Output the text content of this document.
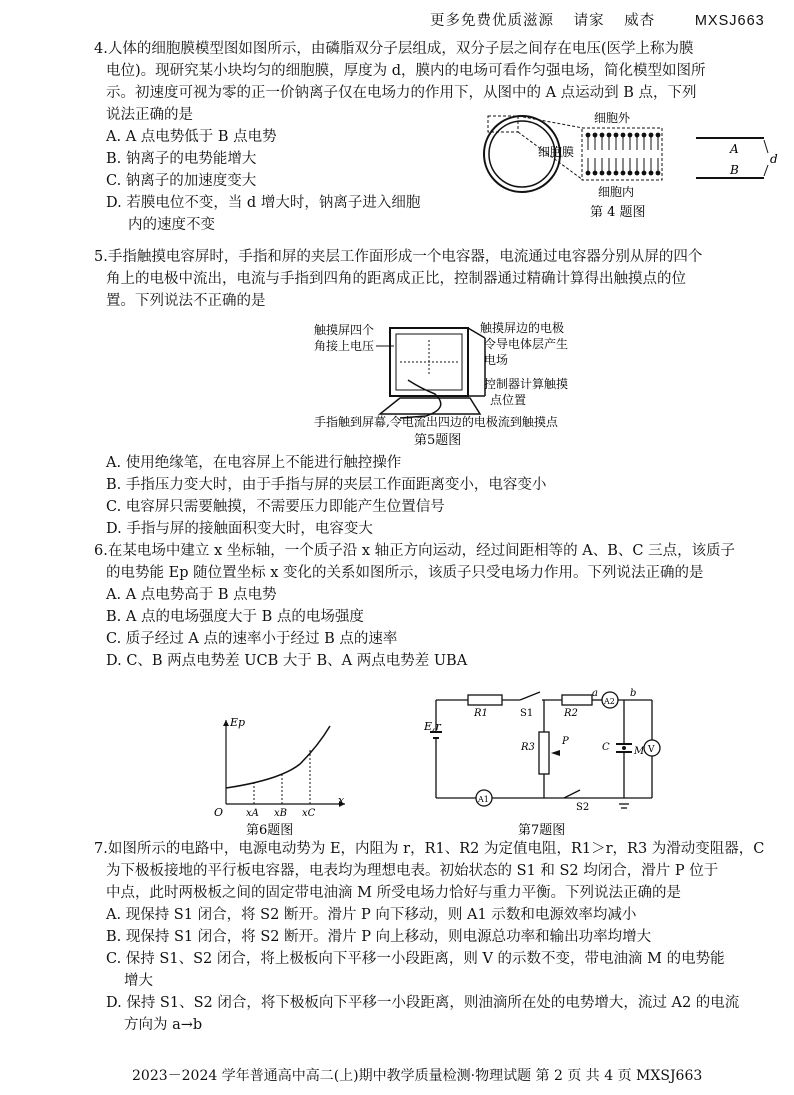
更多免费优质滋源 请家 威杏	MXSJ663
4.人体的细胞膜模型图如图所示，由磷脂双分子层组成，双分子层之间存在电压(医学上称为膜
电位)。现研究某小块均匀的细胞膜，厚度为 d，膜内的电场可看作匀强电场，简化模型如图所
示。初速度可视为零的正一价钠离子仅在电场力的作用下，从图中的 A 点运动到 B 点，下列
说法正确的是
A. A 点电势低于 B 点电势
B. 钠离子的电势能增大
C. 钠离子的加速度变大
D. 若膜电位不变，当 d 增大时，钠离子进入细胞
内的速度不变
细胞外
细胞膜
细胞内
A
B
d
第 4 题图
5.手指触摸电容屏时，手指和屏的夹层工作面形成一个电容器，电流通过电容器分别从屏的四个
角上的电极中流出，电流与手指到四角的距离成正比，控制器通过精确计算得出触摸点的位
置。下列说法不正确的是
触摸屏四个
角接上电压
触摸屏边的电极
令导电体层产生
电场
控制器计算触摸
点位置
手指触到屏幕,令电流出四边的电极流到触摸点
第5题图
A. 使用绝缘笔，在电容屏上不能进行触控操作
B. 手指压力变大时，由于手指与屏的夹层工作面距离变小，电容变小
C. 电容屏只需要触摸，不需要压力即能产生位置信号
D. 手指与屏的接触面积变大时，电容变大
6.在某电场中建立 x 坐标轴，一个质子沿 x 轴正方向运动，经过间距相等的 A、B、C 三点，该质子
的电势能 Ep 随位置坐标 x 变化的关系如图所示，该质子只受电场力作用。下列说法正确的是
A. A 点电势高于 B 点电势
B. A 点的电场强度大于 B 点的电场强度
C. 质子经过 A 点的速率小于经过 B 点的速率
D. C、B 两点电势差 UCB 大于 B、A 两点电势差 UBA
Ep
x
O xA xB xC
第6题图
E,r
R1	S1	R2
a	b
A2
R3
P
C M V
A1
S2
第7题图
7.如图所示的电路中，电源电动势为 E，内阻为 r，R1、R2 为定值电阻，R1＞r，R3 为滑动变阻器，C
为下极板接地的平行板电容器，电表均为理想电表。初始状态的 S1 和 S2 均闭合，滑片 P 位于
中点，此时两极板之间的固定带电油滴 M 所受电场力恰好与重力平衡。下列说法正确的是
A. 现保持 S1 闭合，将 S2 断开。滑片 P 向下移动，则 A1 示数和电源效率均减小
B. 现保持 S1 闭合，将 S2 断开。滑片 P 向上移动，则电源总功率和输出功率均增大
C. 保持 S1、S2 闭合，将上极板向下平移一小段距离，则 V 的示数不变，带电油滴 M 的电势能
增大
D. 保持 S1、S2 闭合，将下极板向下平移一小段距离，则油滴所在处的电势增大，流过 A2 的电流
方向为 a→b
2023－2024 学年普通高中高二(上)期中教学质量检测·物理试题 第 2 页 共 4 页 MXSJ663
